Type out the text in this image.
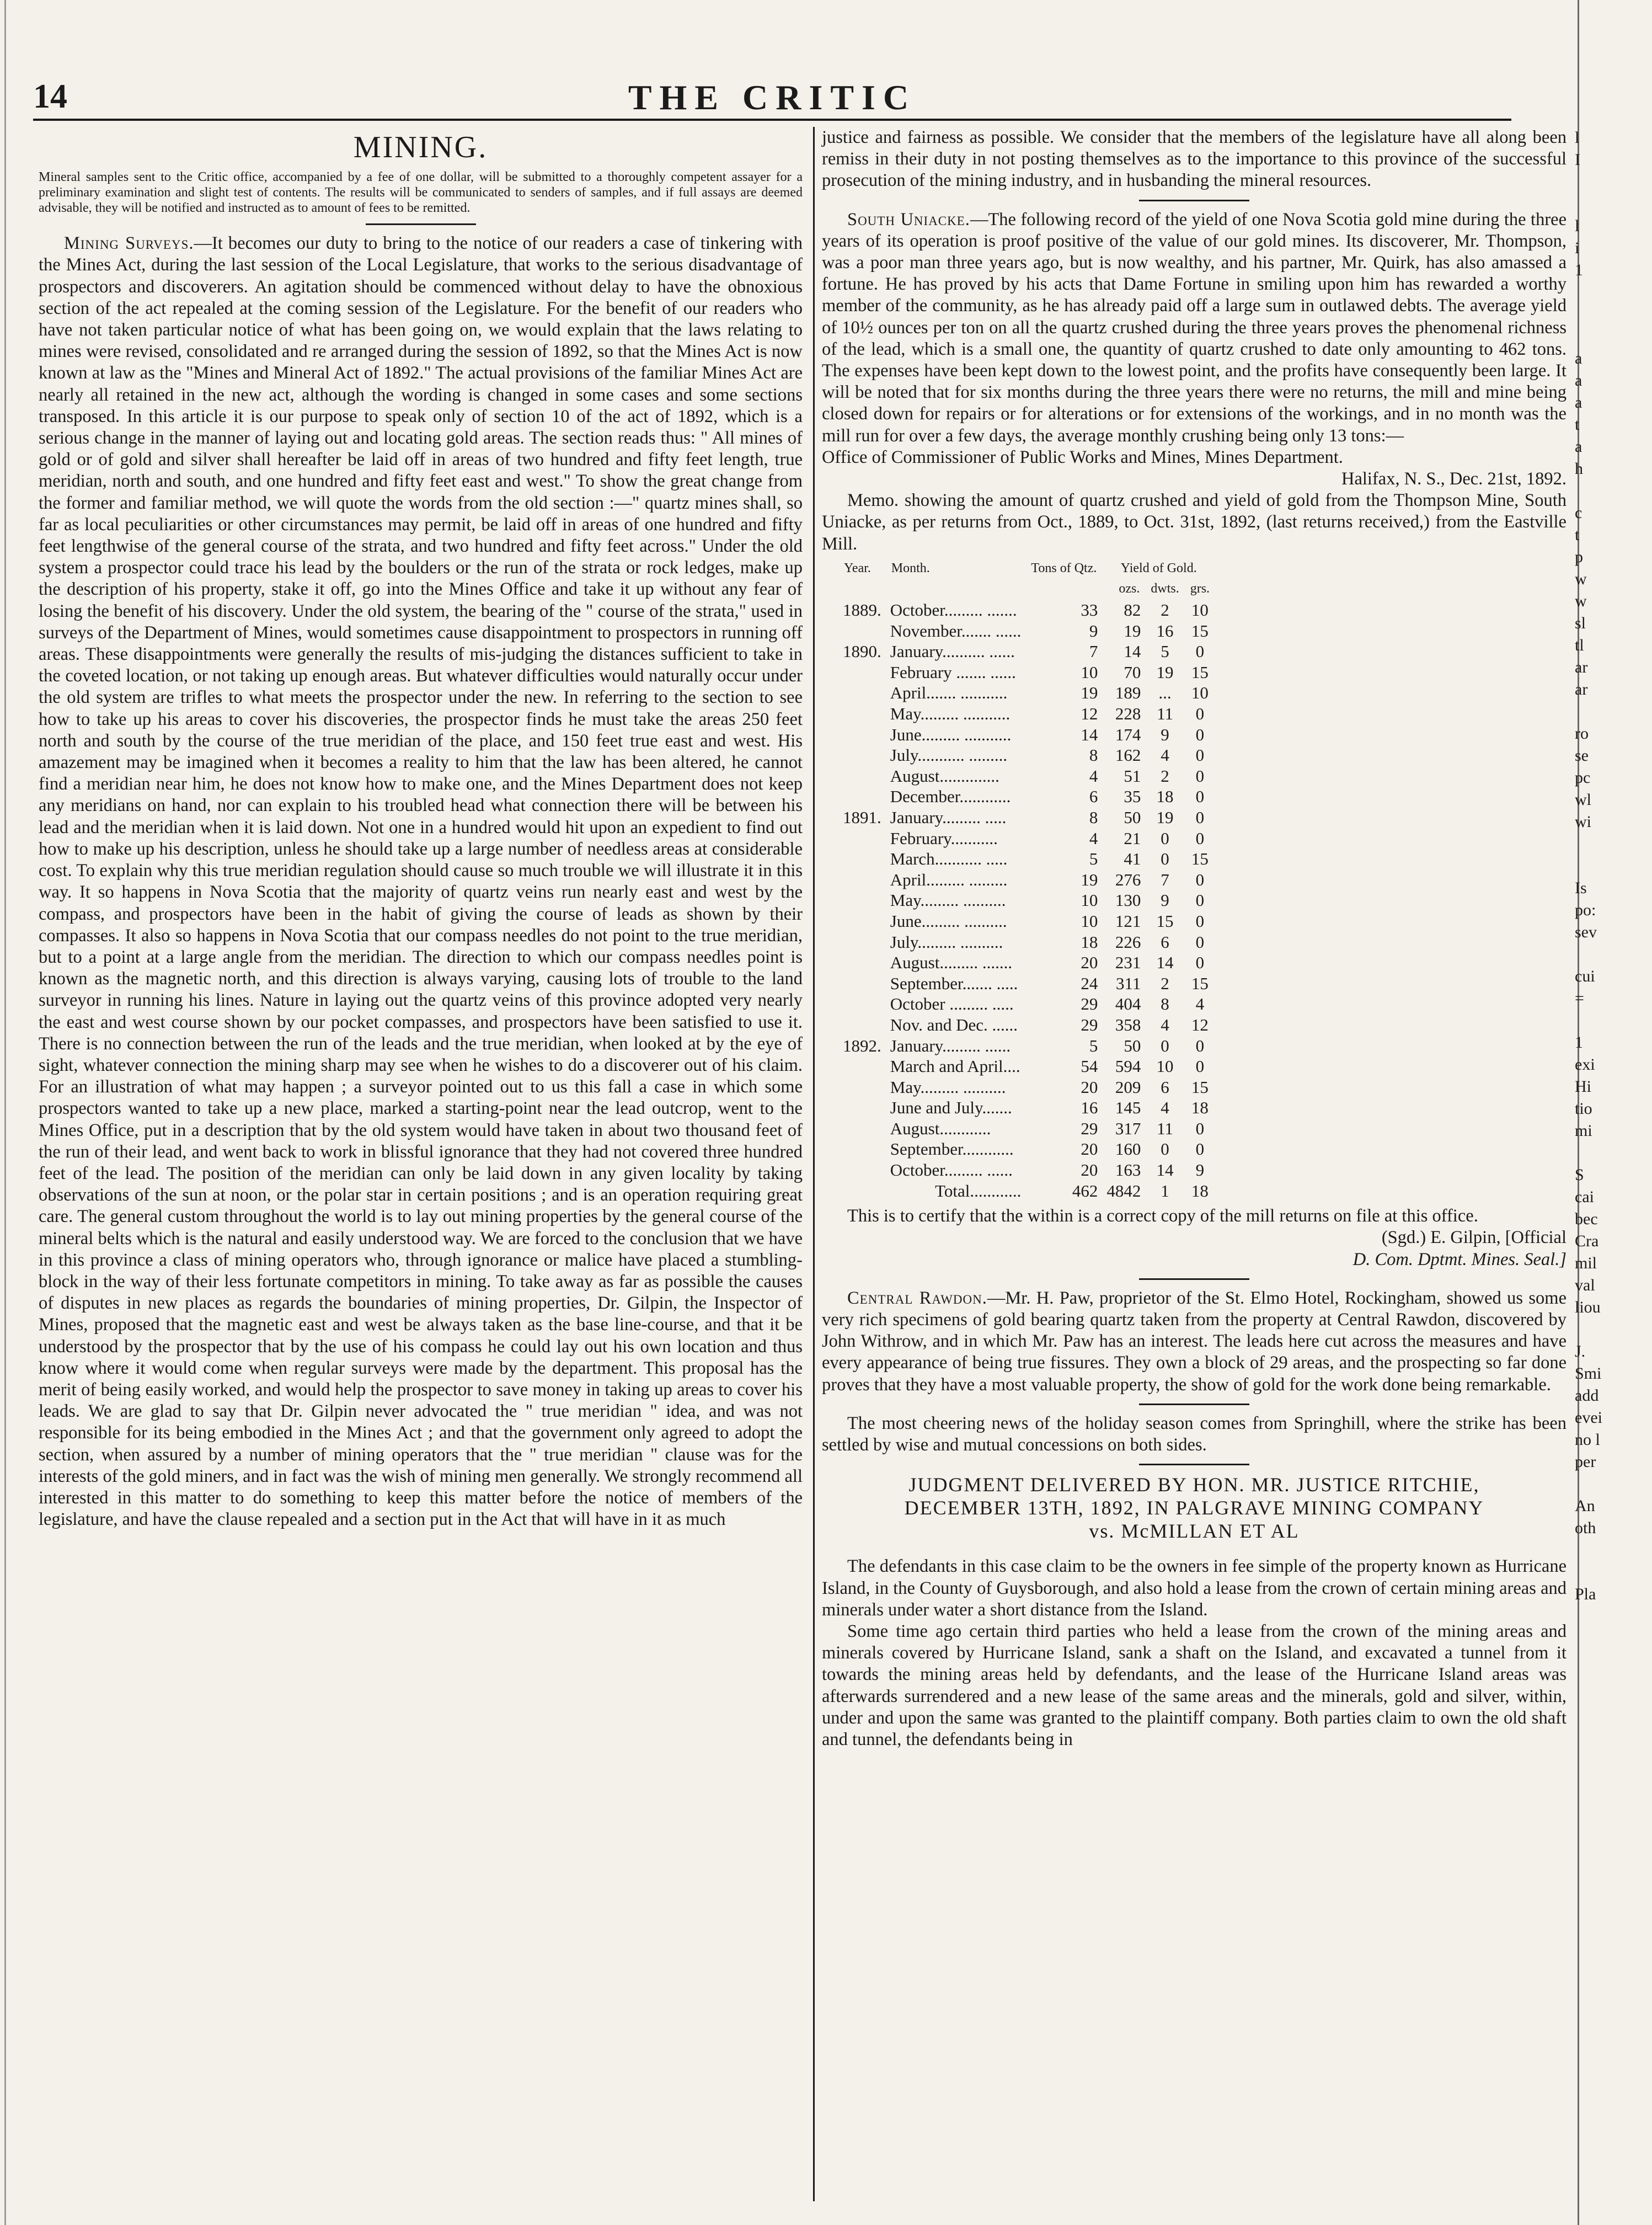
14	THE CRITIC
MINING.

Mineral samples sent to the Critic office, accompanied by a fee of one dollar, will be submitted to a thoroughly competent assayer for a preliminary examination and slight test of contents. The results will be communicated to senders of samples, and if full assays are deemed advisable, they will be notified and instructed as to amount of fees to be remitted.

Mining Surveys.—It becomes our duty to bring to the notice of our readers a case of tinkering with the Mines Act, during the last session of the Local Legislature, that works to the serious disadvantage of prospectors and discoverers. An agitation should be commenced without delay to have the obnoxious section of the act repealed at the coming session of the Legislature. For the benefit of our readers who have not taken particular notice of what has been going on, we would explain that the laws relating to mines were revised, consolidated and re arranged during the session of 1892, so that the Mines Act is now known at law as the "Mines and Mineral Act of 1892." The actual provisions of the familiar Mines Act are nearly all retained in the new act, although the wording is changed in some cases and some sections transposed. In this article it is our purpose to speak only of section 10 of the act of 1892, which is a serious change in the manner of laying out and locating gold areas. The section reads thus: " All mines of gold or of gold and silver shall hereafter be laid off in areas of two hundred and fifty feet length, true meridian, north and south, and one hundred and fifty feet east and west." To show the great change from the former and familiar method, we will quote the words from the old section :—" quartz mines shall, so far as local peculiarities or other circumstances may permit, be laid off in areas of one hundred and fifty feet lengthwise of the general course of the strata, and two hundred and fifty feet across." Under the old system a prospector could trace his lead by the boulders or the run of the strata or rock ledges, make up the description of his property, stake it off, go into the Mines Office and take it up without any fear of losing the benefit of his discovery. Under the old system, the bearing of the " course of the strata," used in surveys of the Department of Mines, would sometimes cause disappointment to prospectors in running off areas. These disappointments were generally the results of mis-judging the distances sufficient to take in the coveted location, or not taking up enough areas. But whatever difficulties would naturally occur under the old system are trifles to what meets the prospector under the new. In referring to the section to see how to take up his areas to cover his discoveries, the prospector finds he must take the areas 250 feet north and south by the course of the true meridian of the place, and 150 feet true east and west. His amazement may be imagined when it becomes a reality to him that the law has been altered, he cannot find a meridian near him, he does not know how to make one, and the Mines Department does not keep any meridians on hand, nor can explain to his troubled head what connection there will be between his lead and the meridian when it is laid down. Not one in a hundred would hit upon an expedient to find out how to make up his description, unless he should take up a large number of needless areas at considerable cost. To explain why this true meridian regulation should cause so much trouble we will illustrate it in this way. It so happens in Nova Scotia that the majority of quartz veins run nearly east and west by the compass, and prospectors have been in the habit of giving the course of leads as shown by their compasses. It also so happens in Nova Scotia that our compass needles do not point to the true meridian, but to a point at a large angle from the meridian. The direction to which our compass needles point is known as the magnetic north, and this direction is always varying, causing lots of trouble to the land surveyor in running his lines. Nature in laying out the quartz veins of this province adopted very nearly the east and west course shown by our pocket compasses, and prospectors have been satisfied to use it. There is no connection between the run of the leads and the true meridian, when looked at by the eye of sight, whatever connection the mining sharp may see when he wishes to do a discoverer out of his claim. For an illustration of what may happen ; a surveyor pointed out to us this fall a case in which some prospectors wanted to take up a new place, marked a starting-point near the lead outcrop, went to the Mines Office, put in a description that by the old system would have taken in about two thousand feet of the run of their lead, and went back to work in blissful ignorance that they had not covered three hundred feet of the lead. The position of the meridian can only be laid down in any given locality by taking observations of the sun at noon, or the polar star in certain positions ; and is an operation requiring great care. The general custom throughout the world is to lay out mining properties by the general course of the mineral belts which is the natural and easily understood way. We are forced to the conclusion that we have in this province a class of mining operators who, through ignorance or malice have placed a stumbling-block in the way of their less fortunate competitors in mining. To take away as far as possible the causes of disputes in new places as regards the boundaries of mining properties, Dr. Gilpin, the Inspector of Mines, proposed that the magnetic east and west be always taken as the base line-course, and that it be understood by the prospector that by the use of his compass he could lay out his own location and thus know where it would come when regular surveys were made by the department. This proposal has the merit of being easily worked, and would help the prospector to save money in taking up areas to cover his leads. We are glad to say that Dr. Gilpin never advocated the " true meridian " idea, and was not responsible for its being embodied in the Mines Act ; and that the government only agreed to adopt the section, when assured by a number of mining operators that the " true meridian " clause was for the interests of the gold miners, and in fact was the wish of mining men generally. We strongly recommend all interested in this matter to do something to keep this matter before the notice of members of the legislature, and have the clause repealed and a section put in the Act that will have in it as much

justice and fairness as possible. We consider that the members of the legislature have all along been remiss in their duty in not posting themselves as to the importance to this province of the successful prosecution of the mining industry, and in husbanding the mineral resources.

South Uniacke.—The following record of the yield of one Nova Scotia gold mine during the three years of its operation is proof positive of the value of our gold mines. Its discoverer, Mr. Thompson, was a poor man three years ago, but is now wealthy, and his partner, Mr. Quirk, has also amassed a fortune. He has proved by his acts that Dame Fortune in smiling upon him has rewarded a worthy member of the community, as he has already paid off a large sum in outlawed debts. The average yield of 10½ ounces per ton on all the quartz crushed during the three years proves the phenomenal richness of the lead, which is a small one, the quantity of quartz crushed to date only amounting to 462 tons. The expenses have been kept down to the lowest point, and the profits have consequently been large. It will be noted that for six months during the three years there were no returns, the mill and mine being closed down for repairs or for alterations or for extensions of the workings, and in no month was the mill run for over a few days, the average monthly crushing being only 13 tons:—

Office of Commissioner of Public Works and Mines, Mines Department.

Halifax, N. S., Dec. 21st, 1892.

Memo. showing the amount of quartz crushed and yield of gold from the Thompson Mine, South Uniacke, as per returns from Oct., 1889, to Oct. 31st, 1892, (last returns received,) from the Eastville Mill.

Year.	Month.	Tons of Qtz.	Yield of Gold.		
			ozs.	dwts.	grs.
1889.	October......... .......	33	82	2	10
	November....... ......	9	19	16	15
1890.	January.......... ......	7	14	5	0
	February ....... ......	10	70	19	15
	April....... ...........	19	189	...	10
	May......... ...........	12	228	11	0
	June......... ...........	14	174	9	0
	July........... .........	8	162	4	0
	August..............	4	51	2	0
	December............	6	35	18	0
1891.	January......... .....	8	50	19	0
	February...........	4	21	0	0
	March........... .....	5	41	0	15
	April......... .........	19	276	7	0
	May......... ..........	10	130	9	0
	June......... ..........	10	121	15	0
	July......... ..........	18	226	6	0
	August......... .......	20	231	14	0
	September....... .....	24	311	2	15
	October ......... .....	29	404	8	4
	Nov. and Dec. ......	29	358	4	12
1892.	January......... ......	5	50	0	0
	March and April....	54	594	10	0
	May......... ..........	20	209	6	15
	June and July.......	16	145	4	18
	August............	29	317	11	0
	September............	20	160	0	0
	October......... ......	20	163	14	9
	Total............	462	4842	1	18

This is to certify that the within is a correct copy of the mill returns on file at this office.

(Sgd.) E. Gilpin, [Official

D. Com. Dptmt. Mines. Seal.]

Central Rawdon.—Mr. H. Paw, proprietor of the St. Elmo Hotel, Rockingham, showed us some very rich specimens of gold bearing quartz taken from the property at Central Rawdon, discovered by John Withrow, and in which Mr. Paw has an interest. The leads here cut across the measures and have every appearance of being true fissures. They own a block of 29 areas, and the prospecting so far done proves that they have a most valuable property, the show of gold for the work done being remarkable.

The most cheering news of the holiday season comes from Springhill, where the strike has been settled by wise and mutual concessions on both sides.

JUDGMENT DELIVERED BY HON. MR. JUSTICE RITCHIE,
DECEMBER 13TH, 1892, IN PALGRAVE MINING COMPANY
vs. McMILLAN ET AL

The defendants in this case claim to be the owners in fee simple of the property known as Hurricane Island, in the County of Guysborough, and also hold a lease from the crown of certain mining areas and minerals under water a short distance from the Island.

Some time ago certain third parties who held a lease from the crown of the mining areas and minerals covered by Hurricane Island, sank a shaft on the Island, and excavated a tunnel from it towards the mining areas held by defendants, and the lease of the Hurricane Island areas was afterwards surrendered and a new lease of the same areas and the minerals, gold and silver, within, under and upon the same was granted to the plaintiff company. Both parties claim to own the old shaft and tunnel, the defendants being in

l
I
l
i
1
a
a
a
t
a
h
c
t
p
w
w
sl
tl
ar
ar
ro
se
pc
wl
wi
Is
po:
sev
cui
=
1
exi
Hi
tio
mi
S
cai
bec
Cra
mil
val
liou
J.
Smi
add
evei
no l
per
An
oth
Pla
